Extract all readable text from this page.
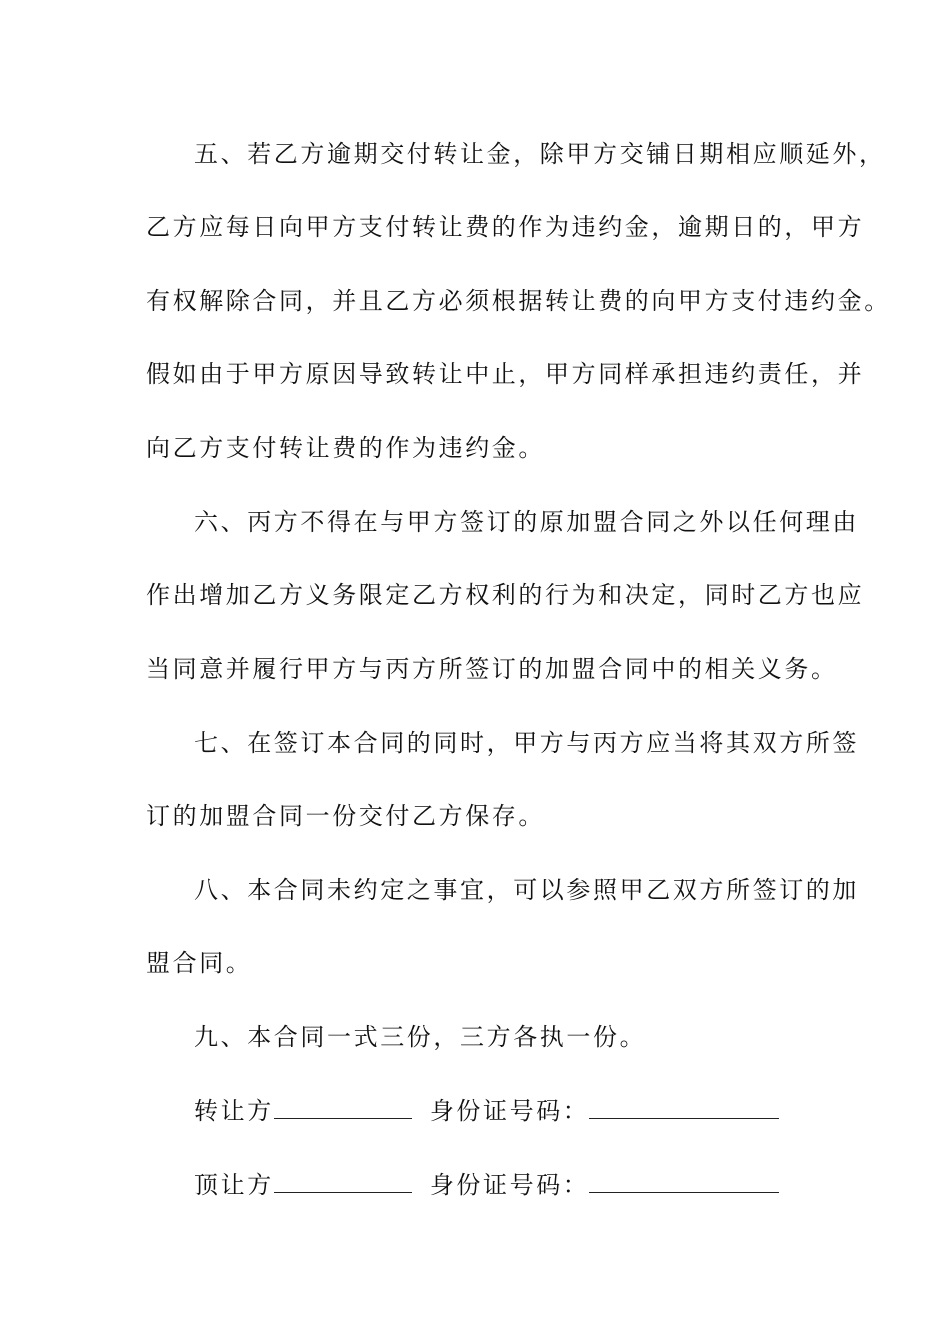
五、若乙方逾期交付转让金，除甲方交铺日期相应顺延外，
乙方应每日向甲方支付转让费的作为违约金，逾期日的，甲方
有权解除合同，并且乙方必须根据转让费的向甲方支付违约金。
假如由于甲方原因导致转让中止，甲方同样承担违约责任，并
向乙方支付转让费的作为违约金。
六、丙方不得在与甲方签订的原加盟合同之外以任何理由
作出增加乙方义务限定乙方权利的行为和决定，同时乙方也应
当同意并履行甲方与丙方所签订的加盟合同中的相关义务。
七、在签订本合同的同时，甲方与丙方应当将其双方所签
订的加盟合同一份交付乙方保存。
八、本合同未约定之事宜，可以参照甲乙双方所签订的加
盟合同。
九、本合同一式三份，三方各执一份。
转让方	身份证号码：
顶让方	身份证号码：
